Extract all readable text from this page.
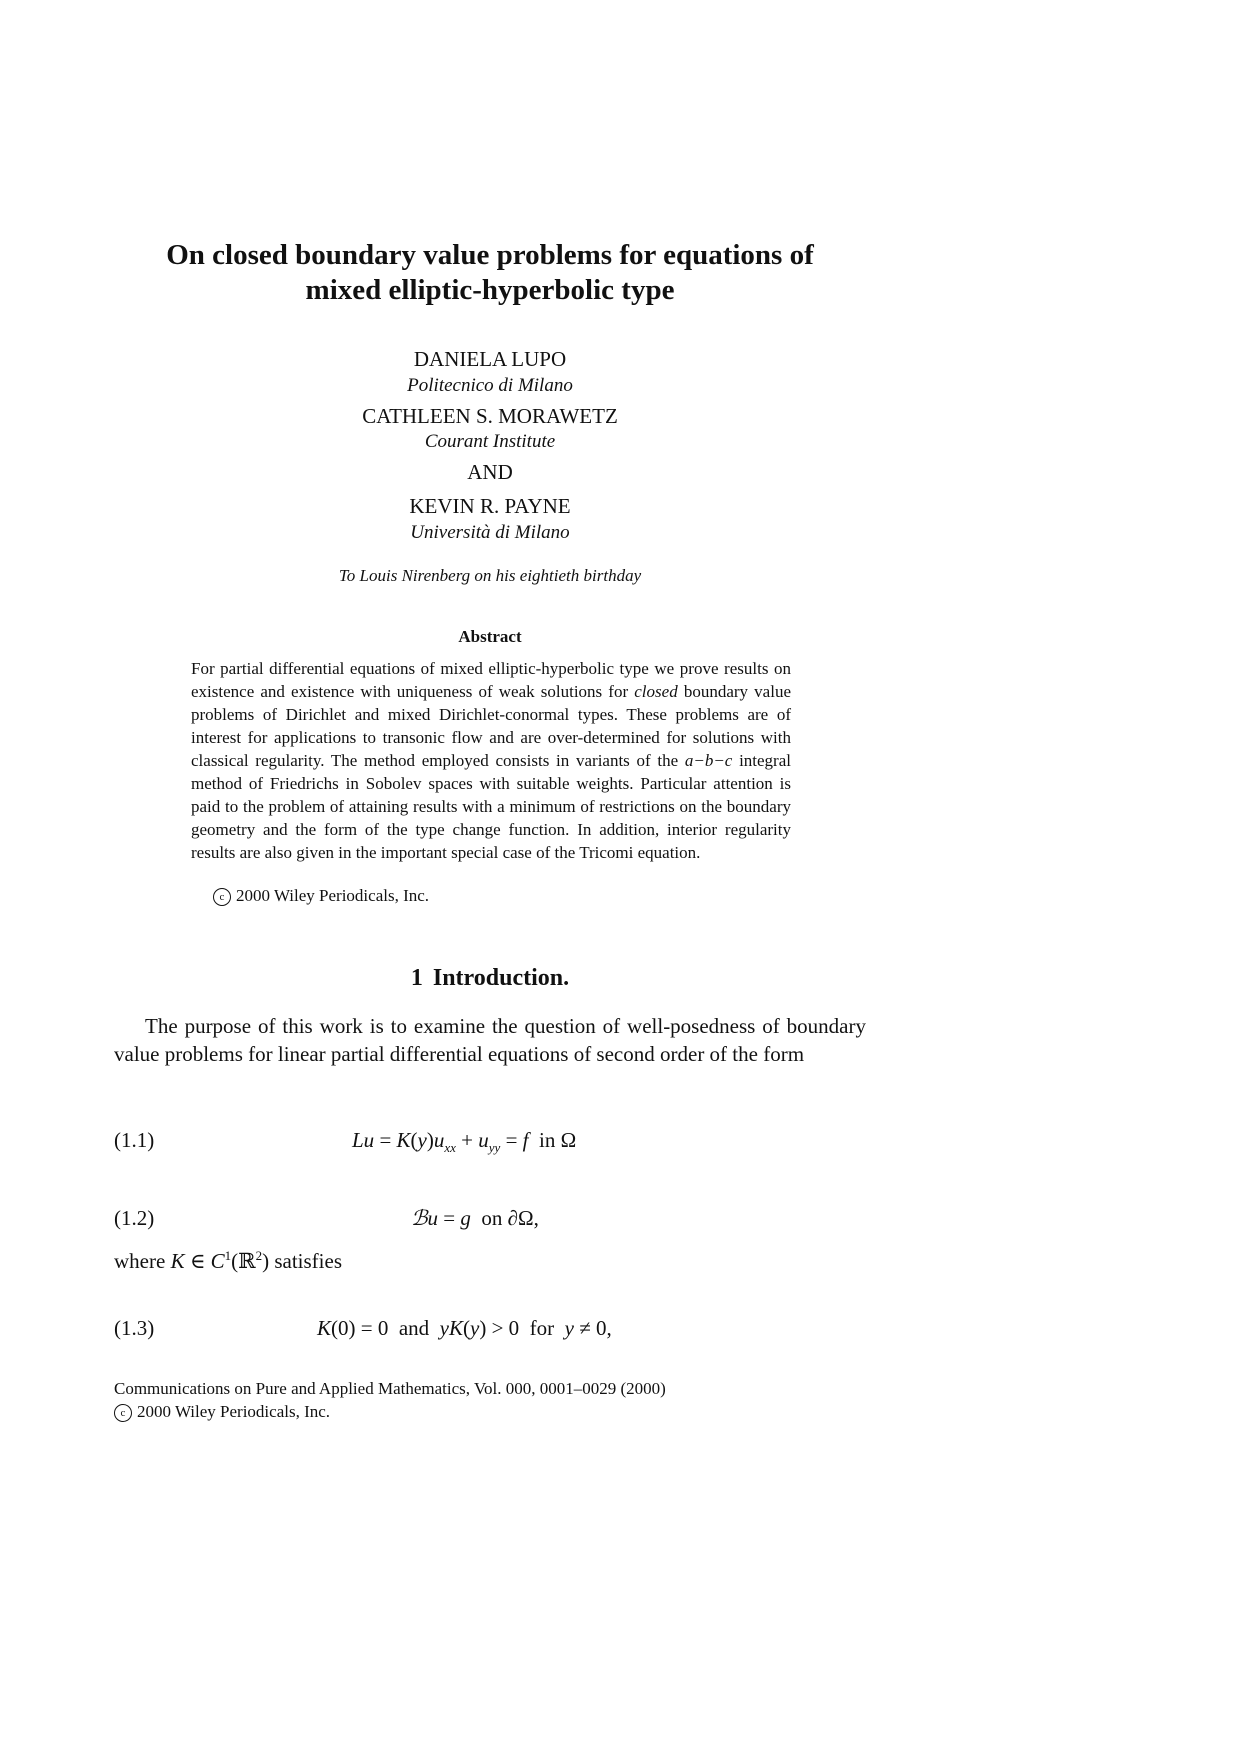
On closed boundary value problems for equations of
mixed elliptic-hyperbolic type
DANIELA LUPO
Politecnico di Milano
CATHLEEN S. MORAWETZ
Courant Institute
AND
KEVIN R. PAYNE
Università di Milano
To Louis Nirenberg on his eightieth birthday
Abstract
For partial differential equations of mixed elliptic-hyperbolic type we prove results on existence and existence with uniqueness of weak solutions for closed boundary value problems of Dirichlet and mixed Dirichlet-conormal types. These problems are of interest for applications to transonic flow and are over-determined for solutions with classical regularity. The method employed consists in variants of the a−b−c integral method of Friedrichs in Sobolev spaces with suitable weights. Particular attention is paid to the problem of attaining results with a minimum of restrictions on the boundary geometry and the form of the type change function. In addition, interior regularity results are also given in the important special case of the Tricomi equation.
c 2000 Wiley Periodicals, Inc.
1 Introduction.
The purpose of this work is to examine the question of well-posedness of boundary value problems for linear partial differential equations of second order of the form
(1.1)	$Lu = K(y)u_{xx} + u_{yy} = f$  in Ω
(1.2)	ℬu = g  on ∂Ω,
where K ∈ $C^1(ℝ^2)$ satisfies
(1.3)	K(0) = 0  and  yK(y) > 0  for  y ≠ 0,
Communications on Pure and Applied Mathematics, Vol. 000, 0001–0029 (2000)
c 2000 Wiley Periodicals, Inc.
